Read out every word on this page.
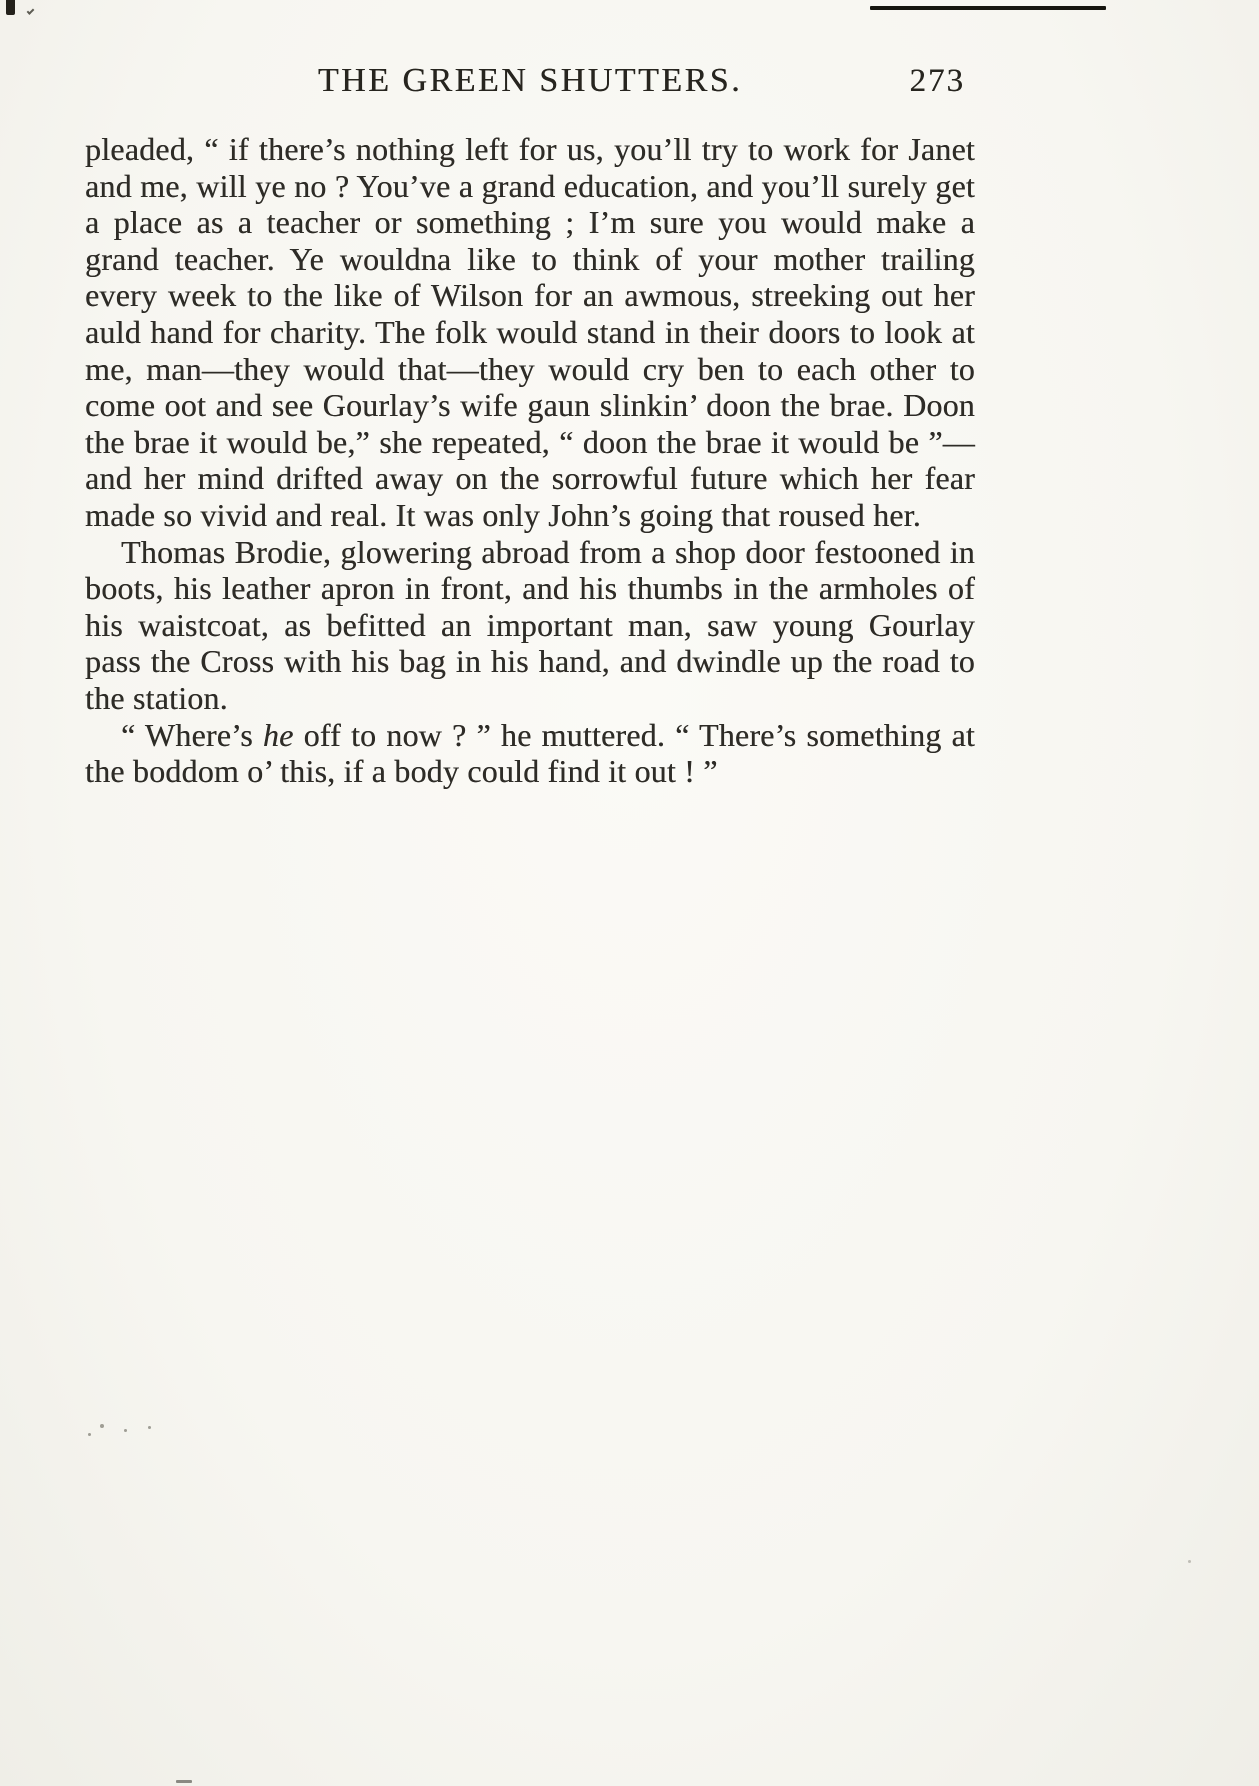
THE GREEN SHUTTERS.	273

pleaded, “ if there’s nothing left for us, you’ll try to work for Janet and me, will ye no ? You’ve a grand education, and you’ll surely get a place as a teacher or something ; I’m sure you would make a grand teacher. Ye wouldna like to think of your mother trailing every week to the like of Wilson for an awmous, streeking out her auld hand for charity. The folk would stand in their doors to look at me, man—they would that—they would cry ben to each other to come oot and see Gourlay’s wife gaun slinkin’ doon the brae. Doon the brae it would be,” she repeated, “ doon the brae it would be ”—and her mind drifted away on the sorrowful future which her fear made so vivid and real. It was only John’s going that roused her.

Thomas Brodie, glowering abroad from a shop door festooned in boots, his leather apron in front, and his thumbs in the armholes of his waistcoat, as befitted an important man, saw young Gourlay pass the Cross with his bag in his hand, and dwindle up the road to the station.

“ Where’s he off to now ? ” he muttered. “ There’s something at the boddom o’ this, if a body could find it out ! ”
